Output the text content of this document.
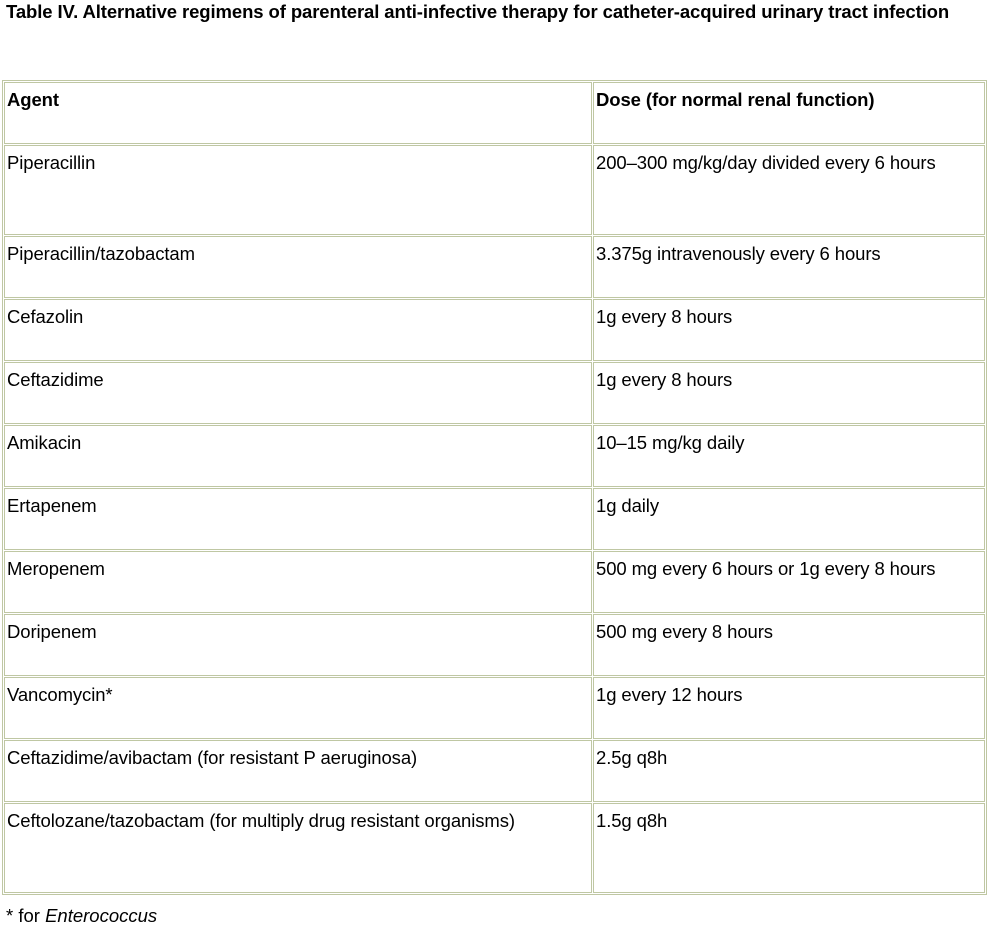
Table IV. Alternative regimens of parenteral anti-infective therapy for catheter-acquired urinary tract infection
Agent	Dose (for normal renal function)
Piperacillin	200–300 mg/kg/day divided every 6 hours
Piperacillin/tazobactam	3.375g intravenously every 6 hours
Cefazolin	1g every 8 hours
Ceftazidime	1g every 8 hours
Amikacin	10–15 mg/kg daily
Ertapenem	1g daily
Meropenem	500 mg every 6 hours or 1g every 8 hours
Doripenem	500 mg every 8 hours
Vancomycin*	1g every 12 hours
Ceftazidime/avibactam (for resistant P aeruginosa)	2.5g q8h
Ceftolozane/tazobactam (for multiply drug resistant organisms)	1.5g q8h
* for Enterococcus
